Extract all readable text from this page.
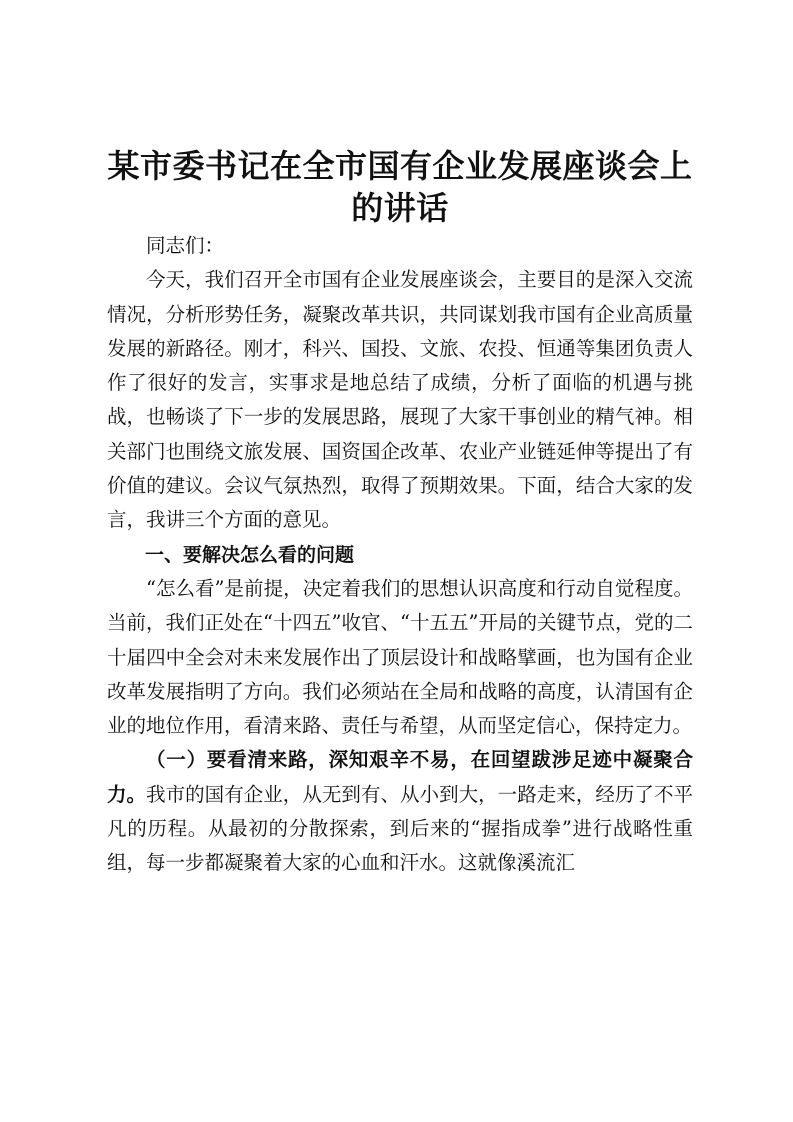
某市委书记在全市国有企业发展座谈会上的讲话

同志们：

今天，我们召开全市国有企业发展座谈会，主要目的是深入交流情况，分析形势任务，凝聚改革共识，共同谋划我市国有企业高质量发展的新路径。刚才，科兴、国投、文旅、农投、恒通等集团负责人作了很好的发言，实事求是地总结了成绩，分析了面临的机遇与挑战，也畅谈了下一步的发展思路，展现了大家干事创业的精气神。相关部门也围绕文旅发展、国资国企改革、农业产业链延伸等提出了有价值的建议。会议气氛热烈，取得了预期效果。下面，结合大家的发言，我讲三个方面的意见。

一、要解决怎么看的问题

“怎么看”是前提，决定着我们的思想认识高度和行动自觉程度。当前，我们正处在“十四五”收官、“十五五”开局的关键节点，党的二十届四中全会对未来发展作出了顶层设计和战略擘画，也为国有企业改革发展指明了方向。我们必须站在全局和战略的高度，认清国有企业的地位作用，看清来路、责任与希望，从而坚定信心，保持定力。

（一）要看清来路，深知艰辛不易，在回望跋涉足迹中凝聚合力。我市的国有企业，从无到有、从小到大，一路走来，经历了不平凡的历程。从最初的分散探索，到后来的“握指成拳”进行战略性重组，每一步都凝聚着大家的心血和汗水。这就像溪流汇
